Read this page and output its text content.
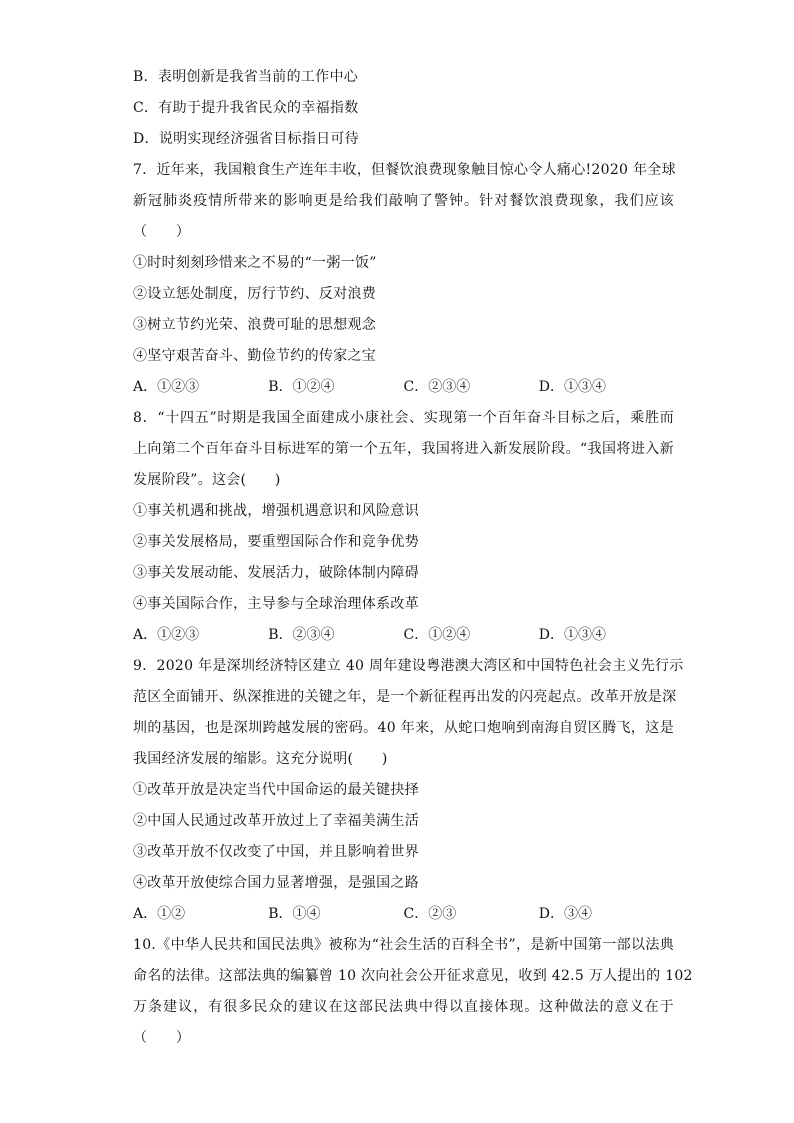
B．表明创新是我省当前的工作中心
C．有助于提升我省民众的幸福指数
D．说明实现经济强省目标指日可待
7．近年来，我国粮食生产连年丰收，但餐饮浪费现象触目惊心令人痛心!2020 年全球
新冠肺炎疫情所带来的影响更是给我们敲响了警钟。针对餐饮浪费现象，我们应该
（　　）
①时时刻刻珍惜来之不易的“一粥一饭”
②设立惩处制度，厉行节约、反对浪费
③树立节约光荣、浪费可耻的思想观念
④坚守艰苦奋斗、勤俭节约的传家之宝
A．①②③	B．①②④	C．②③④	D．①③④
8．“十四五”时期是我国全面建成小康社会、实现第一个百年奋斗目标之后，乘胜而
上向第二个百年奋斗目标进军的第一个五年，我国将进入新发展阶段。“我国将进入新
发展阶段”。这会(　　)
①事关机遇和挑战，增强机遇意识和风险意识
②事关发展格局，要重塑国际合作和竞争优势
③事关发展动能、发展活力，破除体制内障碍
④事关国际合作，主导参与全球治理体系改革
A．①②③	B．②③④	C．①②④	D．①③④
9．2020 年是深圳经济特区建立 40 周年建设粤港澳大湾区和中国特色社会主义先行示
范区全面铺开、纵深推进的关键之年，是一个新征程再出发的闪亮起点。改革开放是深
圳的基因，也是深圳跨越发展的密码。40 年来，从蛇口炮响到南海自贸区腾飞，这是
我国经济发展的缩影。这充分说明(　　)
①改革开放是决定当代中国命运的最关键抉择
②中国人民通过改革开放过上了幸福美满生活
③改革开放不仅改变了中国，并且影响着世界
④改革开放使综合国力显著增强，是强国之路
A．①②	B．①④	C．②③	D．③④
10.《中华人民共和国民法典》被称为“社会生活的百科全书”，是新中国第一部以法典
命名的法律。这部法典的编纂曾 10 次向社会公开征求意见，收到 42.5 万人提出的 102
万条建议，有很多民众的建议在这部民法典中得以直接体现。这种做法的意义在于
（　　）
